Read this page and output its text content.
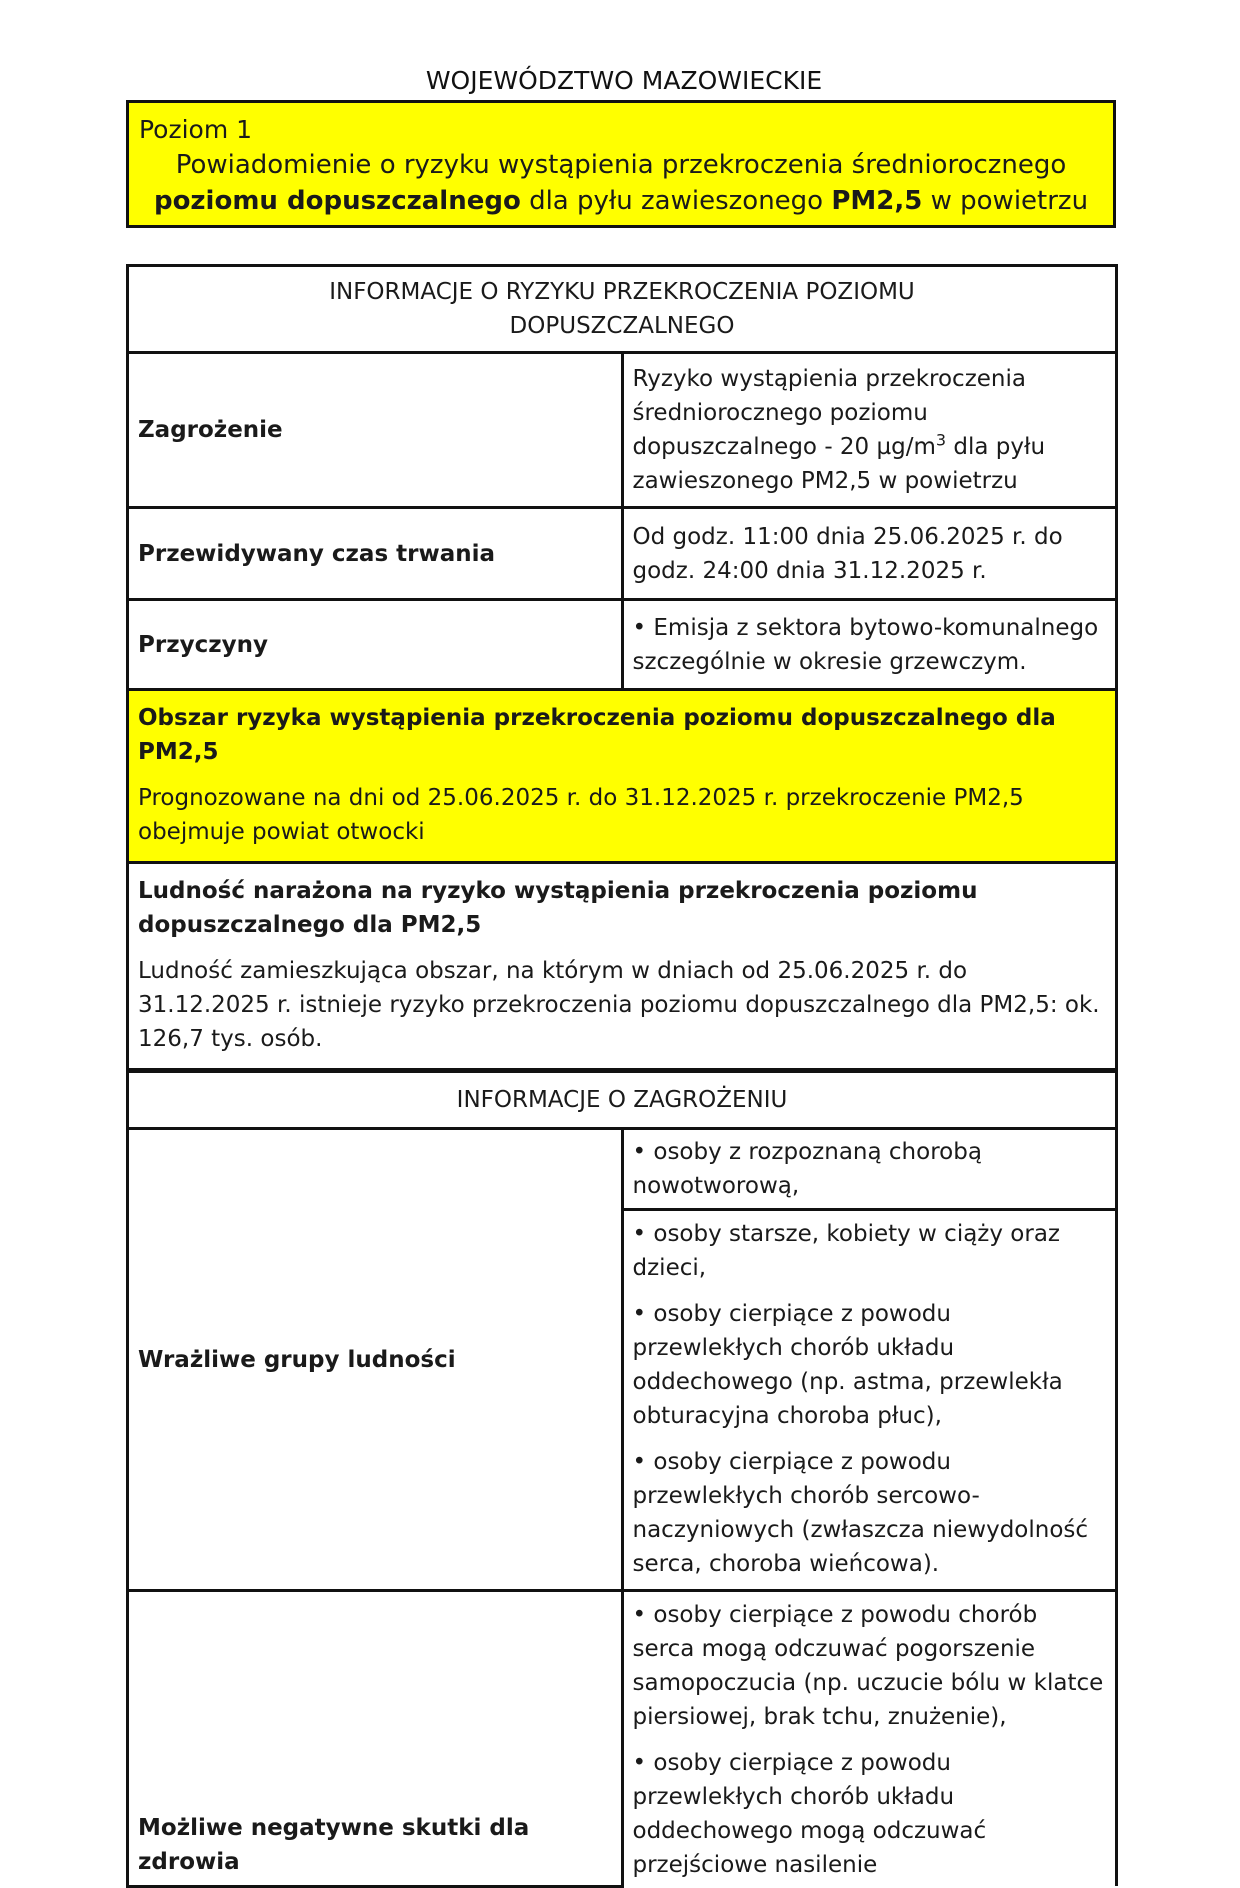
WOJEWÓDZTWO MAZOWIECKIE
Poziom 1
Powiadomienie o ryzyku wystąpienia przekroczenia średniorocznego
poziomu dopuszczalnego dla pyłu zawieszonego PM2,5 w powietrzu
INFORMACJE O RYZYKU PRZEKROCZENIA POZIOMU DOPUSZCZALNEGO	
Zagrożenie	Ryzyko wystąpienia przekroczenia średniorocznego poziomu dopuszczalnego - 20 $\mu g/m^3$ dla pyłu zawieszonego PM2,5 w powietrzu
Przewidywany czas trwania	Od godz. 11:00 dnia 25.06.2025 r. do godz. 24:00 dnia 31.12.2025 r.
Przyczyny	• Emisja z sektora bytowo-komunalnego szczególnie w okresie grzewczym.

Obszar ryzyka wystąpienia przekroczenia poziomu dopuszczalnego dla PM2,5

Prognozowane na dni od 25.06.2025 r. do 31.12.2025 r. przekroczenie PM2,5 obejmuje powiat otwocki	

Ludność narażona na ryzyko wystąpienia przekroczenia poziomu dopuszczalnego dla PM2,5

Ludność zamieszkująca obszar, na którym w dniach od 25.06.2025 r. do 31.12.2025 r. istnieje ryzyko przekroczenia poziomu dopuszczalnego dla PM2,5: ok. 126,7 tys. osób.	

INFORMACJE O ZAGROŻENIU	
Wrażliwe grupy ludności	• osoby z rozpoznaną chorobą nowotworową,

	• osoby starsze, kobiety w ciąży oraz dzieci,

• osoby cierpiące z powodu przewlekłych chorób układu oddechowego (np. astma, przewlekła obturacyjna choroba płuc),

• osoby cierpiące z powodu przewlekłych chorób sercowo-naczyniowych (zwłaszcza niewydolność serca, choroba wieńcowa).

Możliwe negatywne skutki dla zdrowia	• osoby cierpiące z powodu chorób serca mogą odczuwać pogorszenie samopoczucia (np. uczucie bólu w klatce piersiowej, brak tchu, znużenie),

• osoby cierpiące z powodu przewlekłych chorób układu oddechowego mogą odczuwać przejściowe nasilenie
